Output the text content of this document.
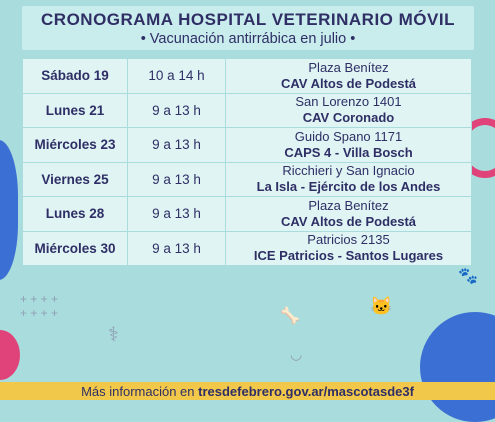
+ + + +
+ + + +
⚕
🦴
🐾
🐱
◡
CRONOGRAMA HOSPITAL VETERINARIO MÓVIL
• Vacunación antirrábica en julio •
Sábado 19	10 a 14 h	Plaza Benítez
CAV Altos de Podestá

Lunes 21	9 a 13 h	San Lorenzo 1401
CAV Coronado

Miércoles 23	9 a 13 h	Guido Spano 1171
CAPS 4 - Villa Bosch

Viernes 25	9 a 13 h	Ricchieri y San Ignacio
La Isla - Ejército de los Andes

Lunes 28	9 a 13 h	Plaza Benítez
CAV Altos de Podestá

Miércoles 30	9 a 13 h	Patricios 2135
ICE Patricios - Santos Lugares
Más información en tresdefebrero.gov.ar/mascotasde3f
